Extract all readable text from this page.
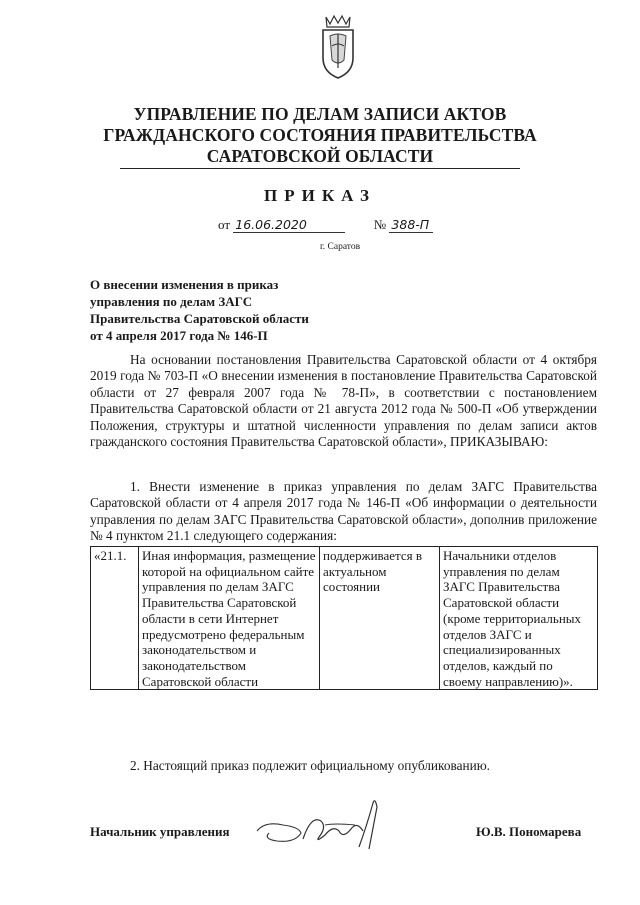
УПРАВЛЕНИЕ ПО ДЕЛАМ ЗАПИСИ АКТОВ
ГРАЖДАНСКОГО СОСТОЯНИЯ ПРАВИТЕЛЬСТВА
САРАТОВСКОЙ ОБЛАСТИ
ПРИКАЗ
от 16.06.2020	№ 388-П
г. Саратов
О внесении изменения в приказ
управления по делам ЗАГС
Правительства Саратовской области
от 4 апреля 2017 года № 146-П
На основании постановления Правительства Саратовской области от 4 октября 2019 года № 703-П «О внесении изменения в постановление Правительства Саратовской области от 27 февраля 2007 года № 78-П», в соответствии с постановлением Правительства Саратовской области от 21 августа 2012 года № 500-П «Об утверждении Положения, структуры и штатной численности управления по делам записи актов гражданского состояния Правительства Саратовской области», ПРИКАЗЫВАЮ:
1. Внести изменение в приказ управления по делам ЗАГС Правительства Саратовской области от 4 апреля 2017 года № 146-П «Об информации о деятельности управления по делам ЗАГС Правительства Саратовской области», дополнив приложение № 4 пунктом 21.1 следующего содержания:
«21.1.	Иная информация, размещение которой на официальном сайте управления по делам ЗАГС Правительства Саратовской области в сети Интернет предусмотрено федеральным законодательством и законодательством Саратовской области	поддерживается в актуальном состоянии	Начальники отделов управления по делам ЗАГС Правительства Саратовской области (кроме территориальных отделов ЗАГС и специализированных отделов, каждый по своему направлению)».
2. Настоящий приказ подлежит официальному опубликованию.
Начальник управления	Ю.В. Пономарева
